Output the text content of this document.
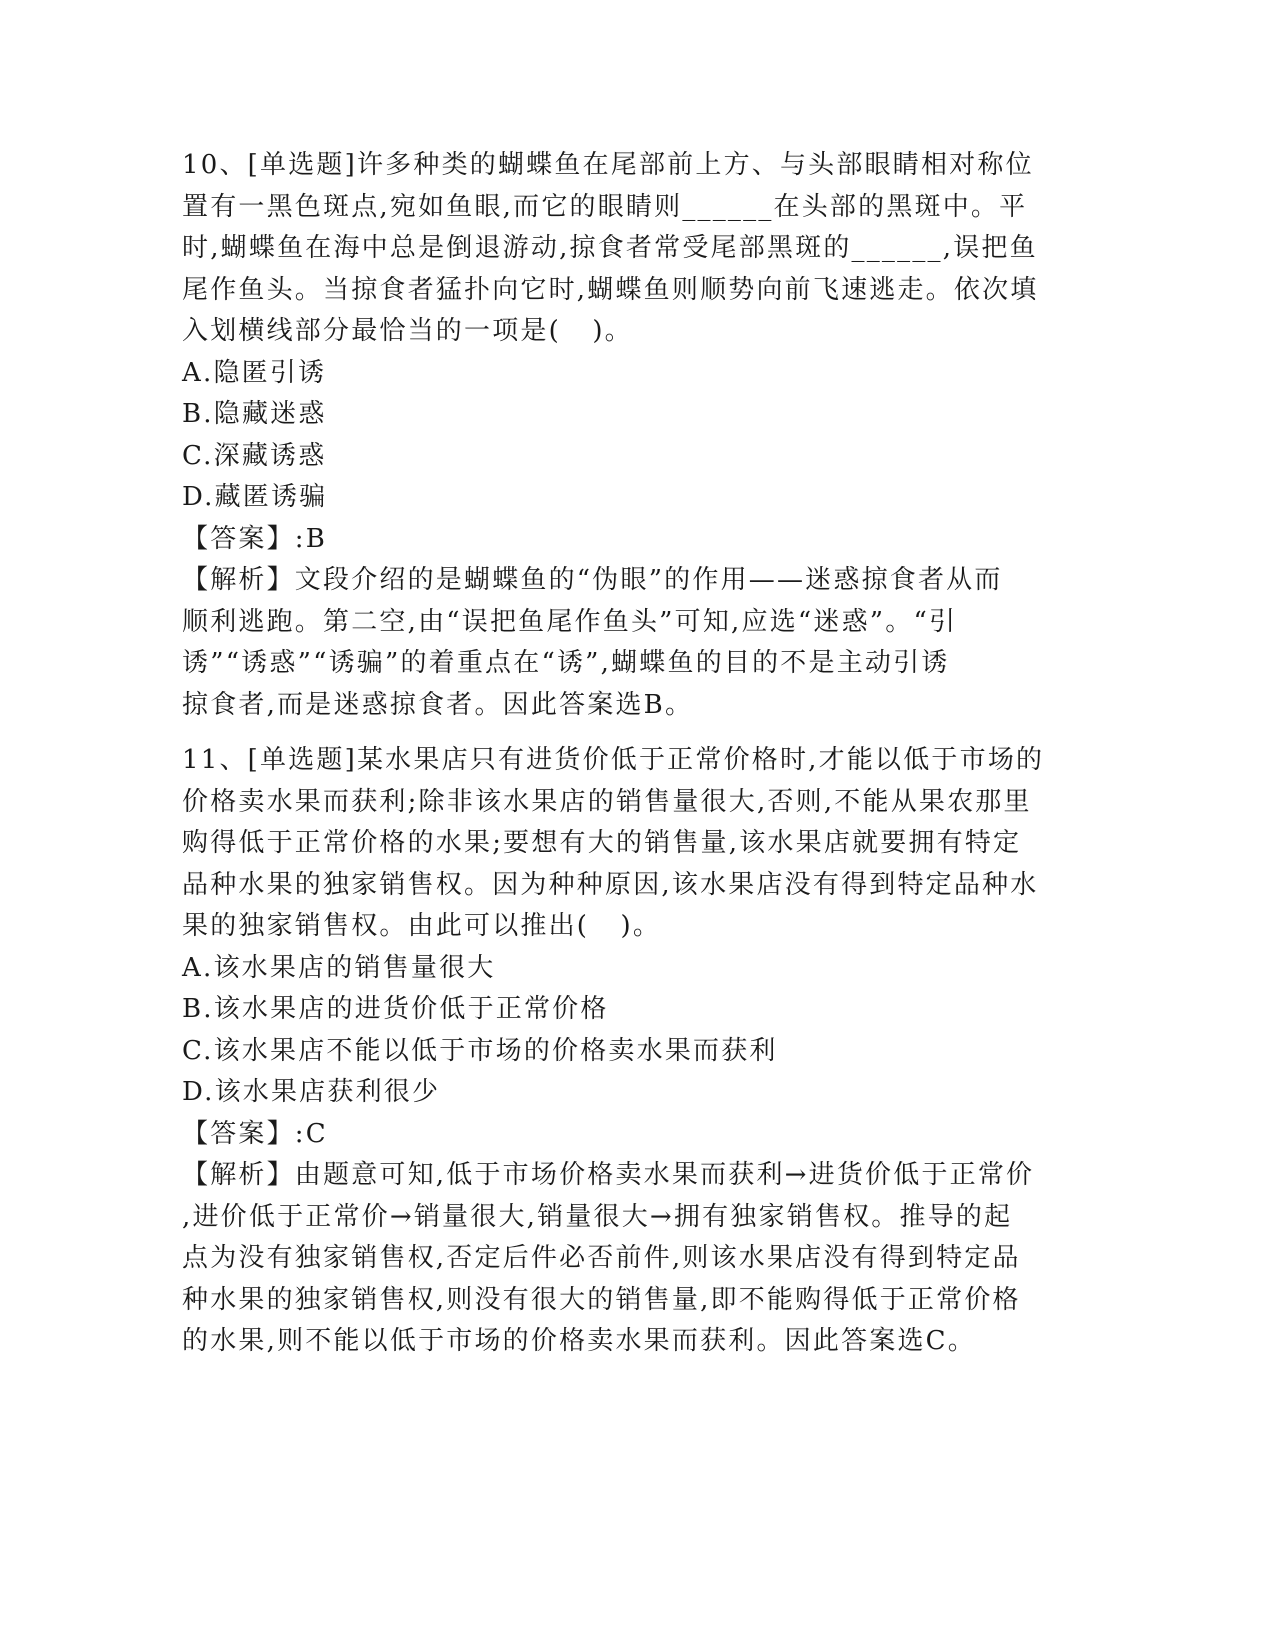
10、[单选题]许多种类的蝴蝶鱼在尾部前上方、与头部眼睛相对称位
置有一黑色斑点,宛如鱼眼,而它的眼睛则______在头部的黑斑中。平
时,蝴蝶鱼在海中总是倒退游动,掠食者常受尾部黑斑的______,误把鱼
尾作鱼头。当掠食者猛扑向它时,蝴蝶鱼则顺势向前飞速逃走。依次填
入划横线部分最恰当的一项是(   )。
A.隐匿引诱
B.隐藏迷惑
C.深藏诱惑
D.藏匿诱骗
【答案】:B
【解析】文段介绍的是蝴蝶鱼的“伪眼”的作用——迷惑掠食者从而
顺利逃跑。第二空,由“误把鱼尾作鱼头”可知,应选“迷惑”。“引
诱”“诱惑”“诱骗”的着重点在“诱”,蝴蝶鱼的目的不是主动引诱
掠食者,而是迷惑掠食者。因此答案选B。
11、[单选题]某水果店只有进货价低于正常价格时,才能以低于市场的
价格卖水果而获利;除非该水果店的销售量很大,否则,不能从果农那里
购得低于正常价格的水果;要想有大的销售量,该水果店就要拥有特定
品种水果的独家销售权。因为种种原因,该水果店没有得到特定品种水
果的独家销售权。由此可以推出(   )。
A.该水果店的销售量很大
B.该水果店的进货价低于正常价格
C.该水果店不能以低于市场的价格卖水果而获利
D.该水果店获利很少
【答案】:C
【解析】由题意可知,低于市场价格卖水果而获利→进货价低于正常价
,进价低于正常价→销量很大,销量很大→拥有独家销售权。推导的起
点为没有独家销售权,否定后件必否前件,则该水果店没有得到特定品
种水果的独家销售权,则没有很大的销售量,即不能购得低于正常价格
的水果,则不能以低于市场的价格卖水果而获利。因此答案选C。
